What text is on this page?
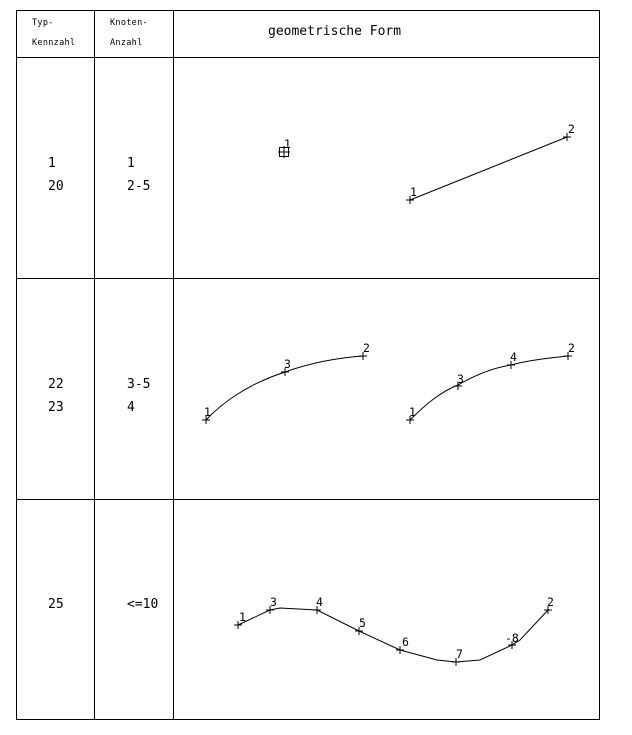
1
1
2
1
3
2
1
3
4
2
1
3	4
5
6
7
-8
2
Typ-
Kennzahl
Knoten-
Anzahl
geometrische Form
1
20
1
2-5
22
23
3-5
4
25	<=10
